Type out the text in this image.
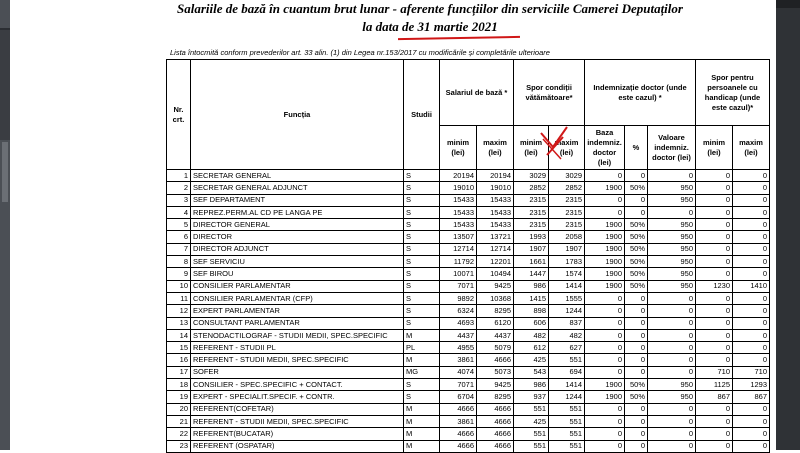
Salariile de bază în cuantum brut lunar - aferente funcțiilor din serviciile Camerei Deputaților
la data de 31 martie 2021
Lista întocmită conform prevederilor art. 33 alin. (1) din Legea nr.153/2017 cu modificările și completările ulterioare
Nr. crt.	Funcția	Studii	Salariul de bază *		Spor condiții vătămătoare*		Indemnizație doctor (unde este cazul) *			Spor pentru persoanele cu handicap (unde este cazul)*	
			minim (lei)	maxim (lei)	minim (lei)	maxim (lei)	Baza indemniz. doctor (lei)	%	Valoare indemniz. doctor (lei)	minim (lei)	maxim (lei)
1	SECRETAR GENERAL	S	20194	20194	3029	3029	0	0	0	0	0
2	SECRETAR GENERAL ADJUNCT	S	19010	19010	2852	2852	1900	50%	950	0	0
3	SEF DEPARTAMENT	S	15433	15433	2315	2315	0	0	950	0	0
4	REPREZ.PERM.AL CD PE LANGA PE	S	15433	15433	2315	2315	0	0	0	0	0
5	DIRECTOR GENERAL	S	15433	15433	2315	2315	1900	50%	950	0	0
6	DIRECTOR	S	13507	13721	1993	2058	1900	50%	950	0	0
7	DIRECTOR ADJUNCT	S	12714	12714	1907	1907	1900	50%	950	0	0
8	SEF SERVICIU	S	11792	12201	1661	1783	1900	50%	950	0	0
9	SEF BIROU	S	10071	10494	1447	1574	1900	50%	950	0	0
10	CONSILIER PARLAMENTAR	S	7071	9425	986	1414	1900	50%	950	1230	1410
11	CONSILIER PARLAMENTAR (CFP)	S	9892	10368	1415	1555	0	0	0	0	0
12	EXPERT PARLAMENTAR	S	6324	8295	898	1244	0	0	0	0	0
13	CONSULTANT PARLAMENTAR	S	4693	6120	606	837	0	0	0	0	0
14	STENODACTILOGRAF - STUDII MEDII, SPEC.SPECIFIC	M	4437	4437	482	482	0	0	0	0	0
15	REFERENT - STUDII PL	PL	4955	5079	612	627	0	0	0	0	0
16	REFERENT - STUDII MEDII, SPEC.SPECIFIC	M	3861	4666	425	551	0	0	0	0	0
17	SOFER	MG	4074	5073	543	694	0	0	0	710	710
18	CONSILIER - SPEC.SPECIFIC + CONTACT.	S	7071	9425	986	1414	1900	50%	950	1125	1293
19	EXPERT - SPECIALIT.SPECIF. + CONTR.	S	6704	8295	937	1244	1900	50%	950	867	867
20	REFERENT(COFETAR)	M	4666	4666	551	551	0	0	0	0	0
21	REFERENT - STUDII MEDII, SPEC.SPECIFIC	M	3861	4666	425	551	0	0	0	0	0
22	REFERENT(BUCATAR)	M	4666	4666	551	551	0	0	0	0	0
23	REFERENT (OSPATAR)	M	4666	4666	551	551	0	0	0	0	0
